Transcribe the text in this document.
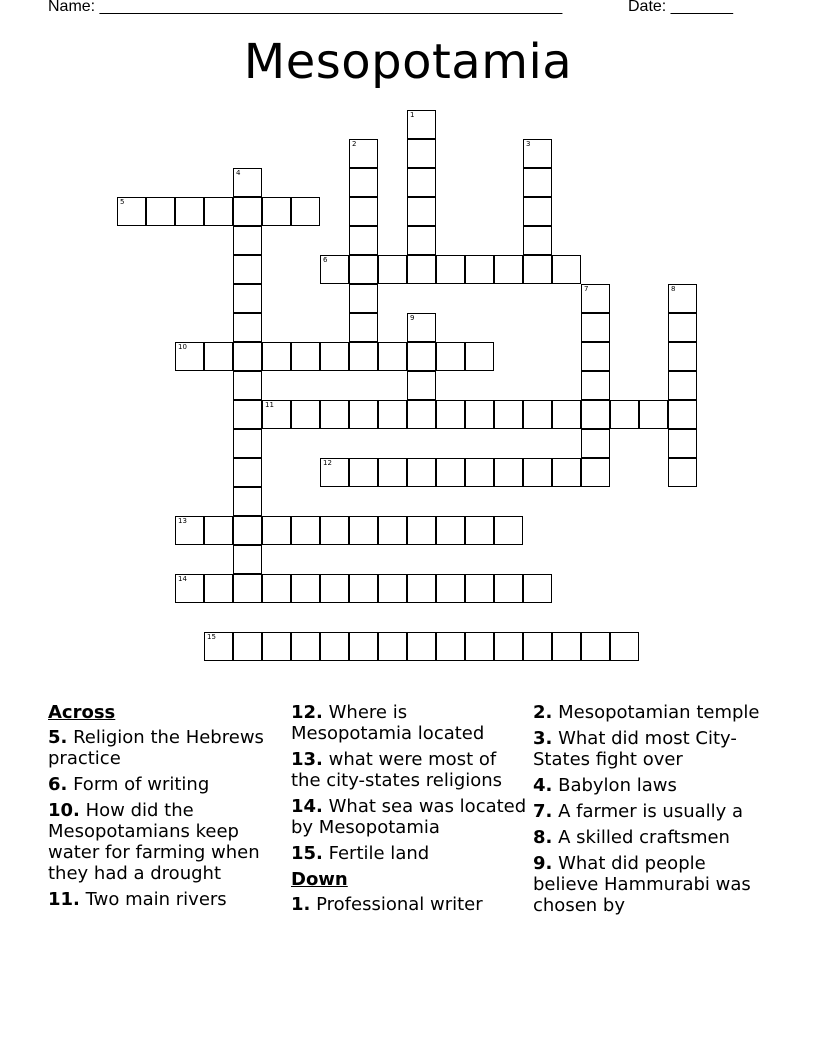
Name: ____________________________________________________	Date: _______
Mesopotamia
1
2	3
4
5
6
7	8
9
10
11
12
13
14
15
Across
5. Religion the Hebrews practice
6. Form of writing
10. How did the Mesopotamians keep water for farming when they had a drought
11. Two main rivers
12. Where is Mesopotamia located
13. what were most of the city-states religions
14. What sea was located by Mesopotamia
15. Fertile land
Down
1. Professional writer
2. Mesopotamian temple
3. What did most City-States fight over
4. Babylon laws
7. A farmer is usually a
8. A skilled craftsmen
9. What did people believe Hammurabi was chosen by
